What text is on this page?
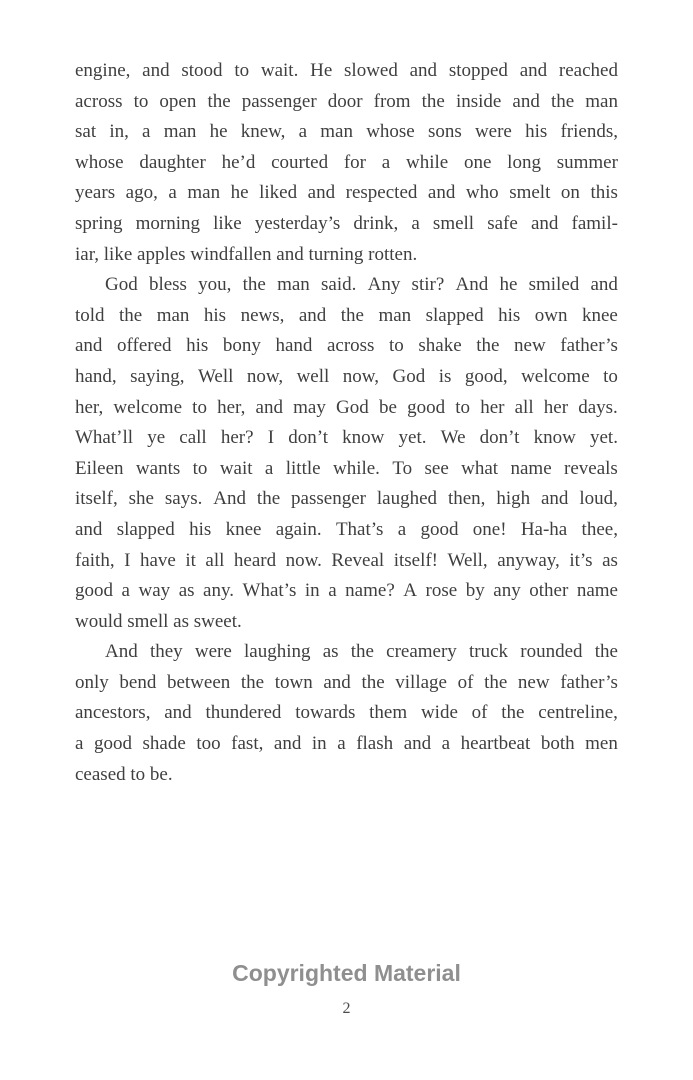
engine, and stood to wait. He slowed and stopped and reached
across to open the passenger door from the inside and the man
sat in, a man he knew, a man whose sons were his friends,
whose daughter he’d courted for a while one long summer
years ago, a man he liked and respected and who smelt on this
spring morning like yesterday’s drink, a smell safe and famil-
iar, like apples windfallen and turning rotten.

God bless you, the man said. Any stir? And he smiled and
told the man his news, and the man slapped his own knee
and offered his bony hand across to shake the new father’s
hand, saying, Well now, well now, God is good, welcome to
her, welcome to her, and may God be good to her all her days.
What’ll ye call her? I don’t know yet. We don’t know yet.
Eileen wants to wait a little while. To see what name reveals
itself, she says. And the passenger laughed then, high and loud,
and slapped his knee again. That’s a good one! Ha-ha thee,
faith, I have it all heard now. Reveal itself! Well, anyway, it’s as
good a way as any. What’s in a name? A rose by any other name
would smell as sweet.

And they were laughing as the creamery truck rounded the
only bend between the town and the village of the new father’s
ancestors, and thundered towards them wide of the centreline,
a good shade too fast, and in a flash and a heartbeat both men
ceased to be.

Copyrighted Material
2
